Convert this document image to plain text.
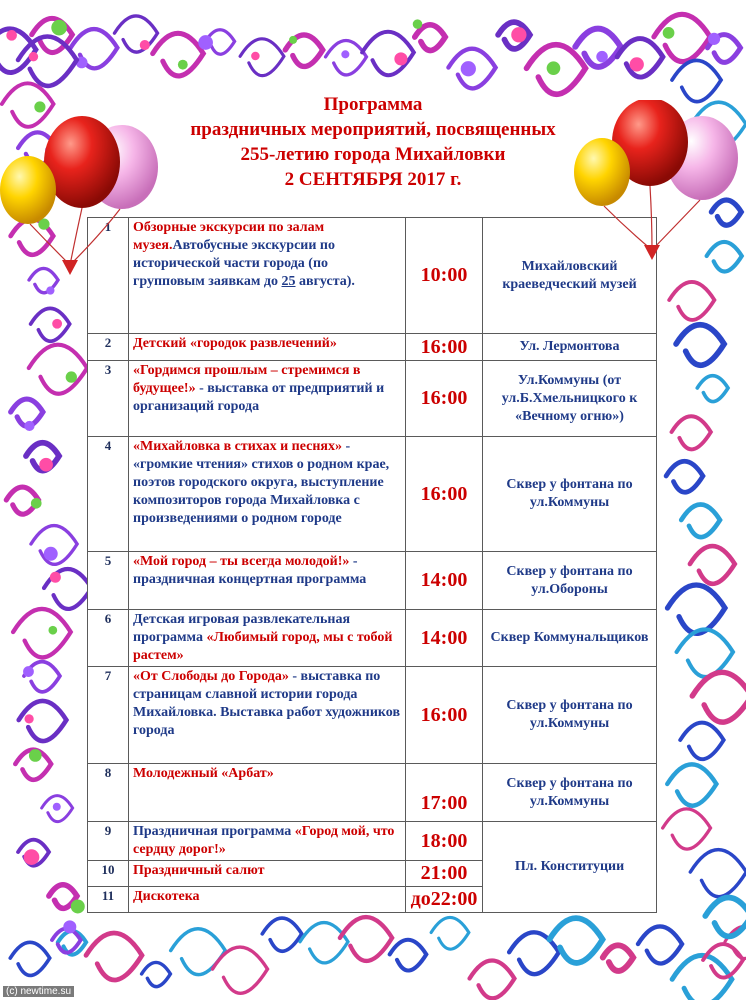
Программа
праздничных мероприятий, посвященных
255-летию города Михайловки
2 СЕНТЯБРЯ 2017 г.
1	Обзорные экскурсии по залам музея.Автобусные экскурсии по исторической части города (по групповым заявкам до 25 августа).	10:00	Михайловский краеведческий музей
2	Детский «городок развлечений»	16:00	Ул. Лермонтова
3	«Гордимся прошлым – стремимся в будущее!» - выставка от предприятий и организаций города	16:00	Ул.Коммуны (от ул.Б.Хмельницкого к «Вечному огню»)
4	«Михайловка в стихах и песнях» - «громкие чтения» стихов о родном крае, поэтов городского округа, выступление композиторов города Михайловка с произведениями о родном городе	16:00	Сквер у фонтана по ул.Коммуны
5	«Мой город – ты всегда молодой!» - праздничная концертная программа	14:00	Сквер у фонтана по ул.Обороны
6	Детская игровая развлекательная программа «Любимый город, мы с тобой растем»	14:00	Сквер Коммунальщиков
7	«От Слободы до Города» - выставка по страницам славной истории города Михайловка. Выставка работ художников города	16:00	Сквер у фонтана по ул.Коммуны
8	Молодежный «Арбат»	17:00	Сквер у фонтана по ул.Коммуны
9	Праздничная программа «Город мой, что сердцу дорог!»	18:00	Пл. Конституции
10	Праздничный салют	21:00	
11	Дискотека	до22:00	
(c) newtime.su
